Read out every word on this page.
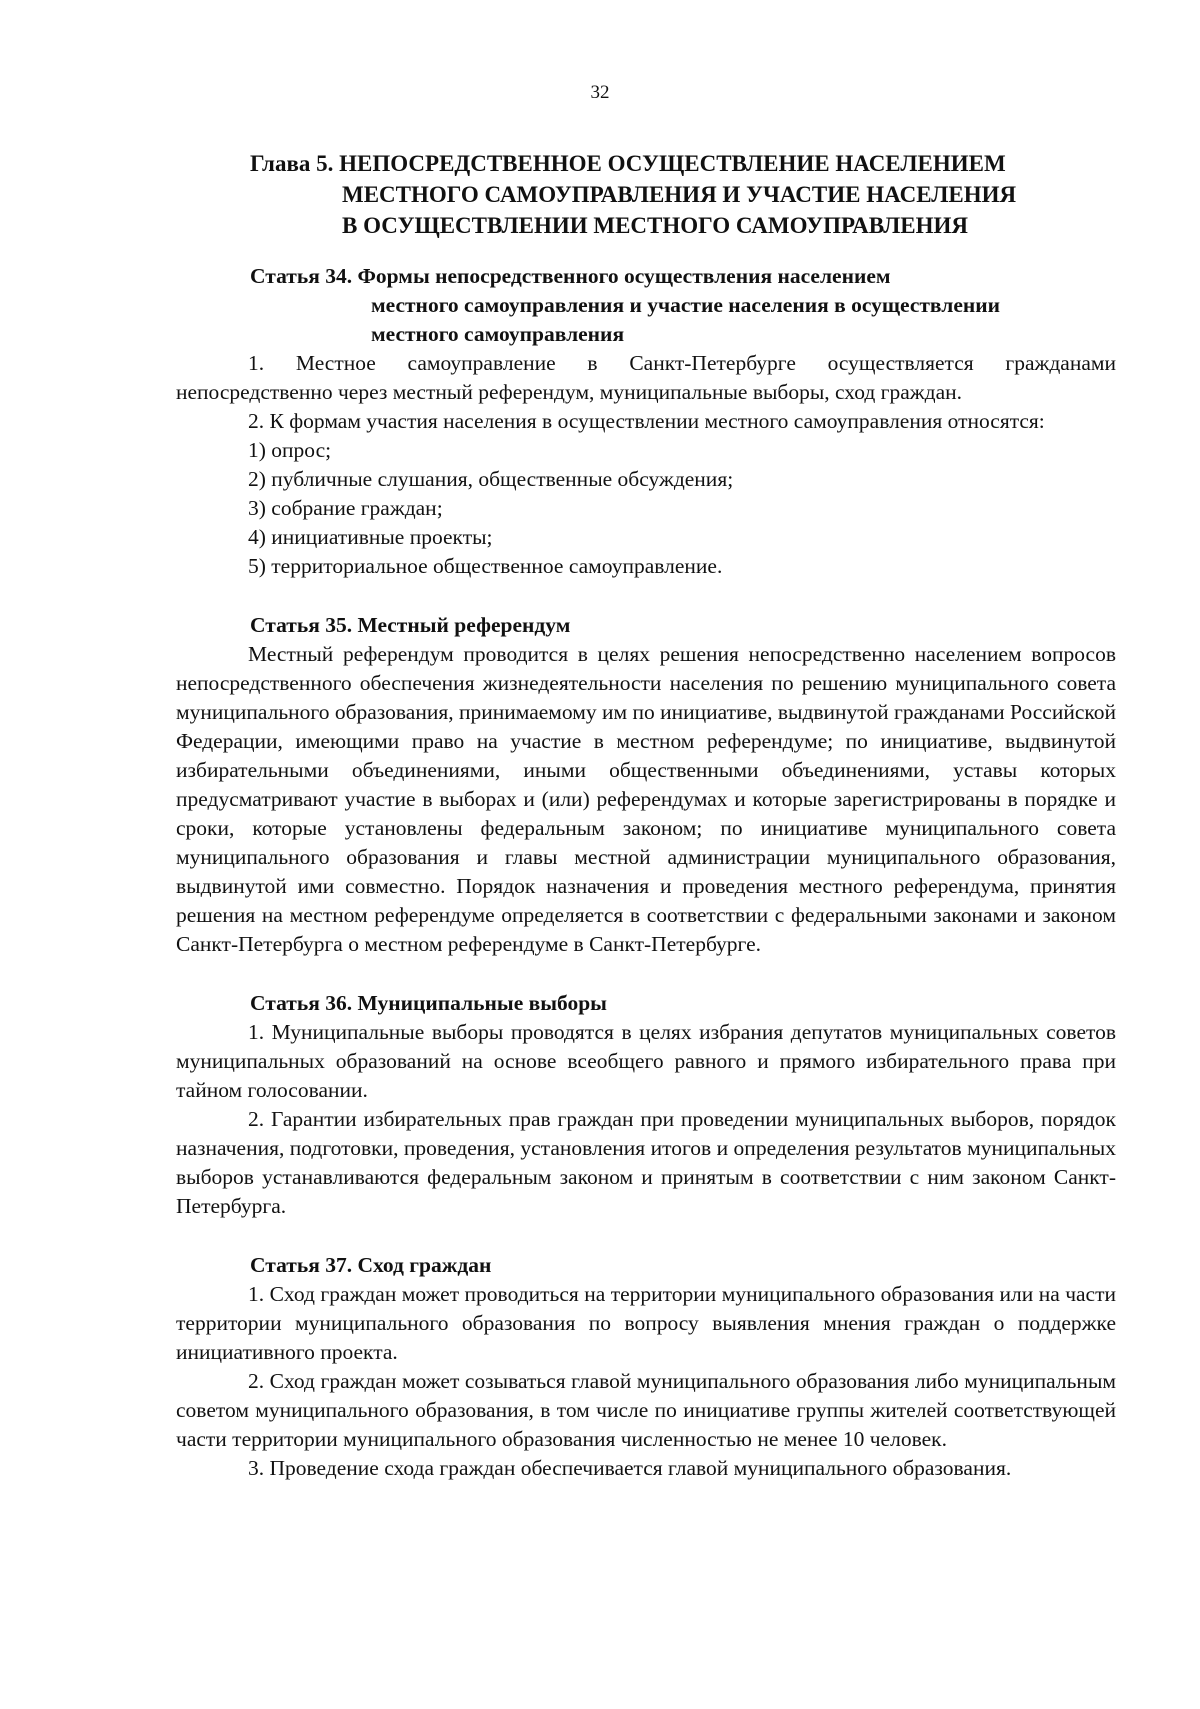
32
Глава 5. НЕПОСРЕДСТВЕННОЕ ОСУЩЕСТВЛЕНИЕ НАСЕЛЕНИЕМ
МЕСТНОГО САМОУПРАВЛЕНИЯ И УЧАСТИЕ НАСЕЛЕНИЯ
В ОСУЩЕСТВЛЕНИИ МЕСТНОГО САМОУПРАВЛЕНИЯ
Статья 34. Формы непосредственного осуществления населением
местного самоуправления и участие населения в осуществлении
местного самоуправления

1. Местное самоуправление в Санкт-Петербурге осуществляется гражданами непосредственно через местный референдум, муниципальные выборы, сход граждан.

2. К формам участия населения в осуществлении местного самоуправления относятся:

1) опрос;
2) публичные слушания, общественные обсуждения;
3) собрание граждан;
4) инициативные проекты;
5) территориальное общественное самоуправление.
Статья 35. Местный референдум

Местный референдум проводится в целях решения непосредственно населением вопросов непосредственного обеспечения жизнедеятельности населения по решению муниципального совета муниципального образования, принимаемому им по инициативе, выдвинутой гражданами Российской Федерации, имеющими право на участие в местном референдуме; по инициативе, выдвинутой избирательными объединениями, иными общественными объединениями, уставы которых предусматривают участие в выборах и (или) референдумах и которые зарегистрированы в порядке и сроки, которые установлены федеральным законом; по инициативе муниципального совета муниципального образования и главы местной администрации муниципального образования, выдвинутой ими совместно. Порядок назначения и проведения местного референдума, принятия решения на местном референдуме определяется в соответствии с федеральными законами и законом Санкт-Петербурга о местном референдуме в Санкт-Петербурге.

Статья 36. Муниципальные выборы

1. Муниципальные выборы проводятся в целях избрания депутатов муниципальных советов муниципальных образований на основе всеобщего равного и прямого избирательного права при тайном голосовании.

2. Гарантии избирательных прав граждан при проведении муниципальных выборов, порядок назначения, подготовки, проведения, установления итогов и определения результатов муниципальных выборов устанавливаются федеральным законом и принятым в соответствии с ним законом Санкт-Петербурга.

Статья 37. Сход граждан

1. Сход граждан может проводиться на территории муниципального образования или на части территории муниципального образования по вопросу выявления мнения граждан о поддержке инициативного проекта.

2. Сход граждан может созываться главой муниципального образования либо муниципальным советом муниципального образования, в том числе по инициативе группы жителей соответствующей части территории муниципального образования численностью не менее 10 человек.

3. Проведение схода граждан обеспечивается главой муниципального образования.
